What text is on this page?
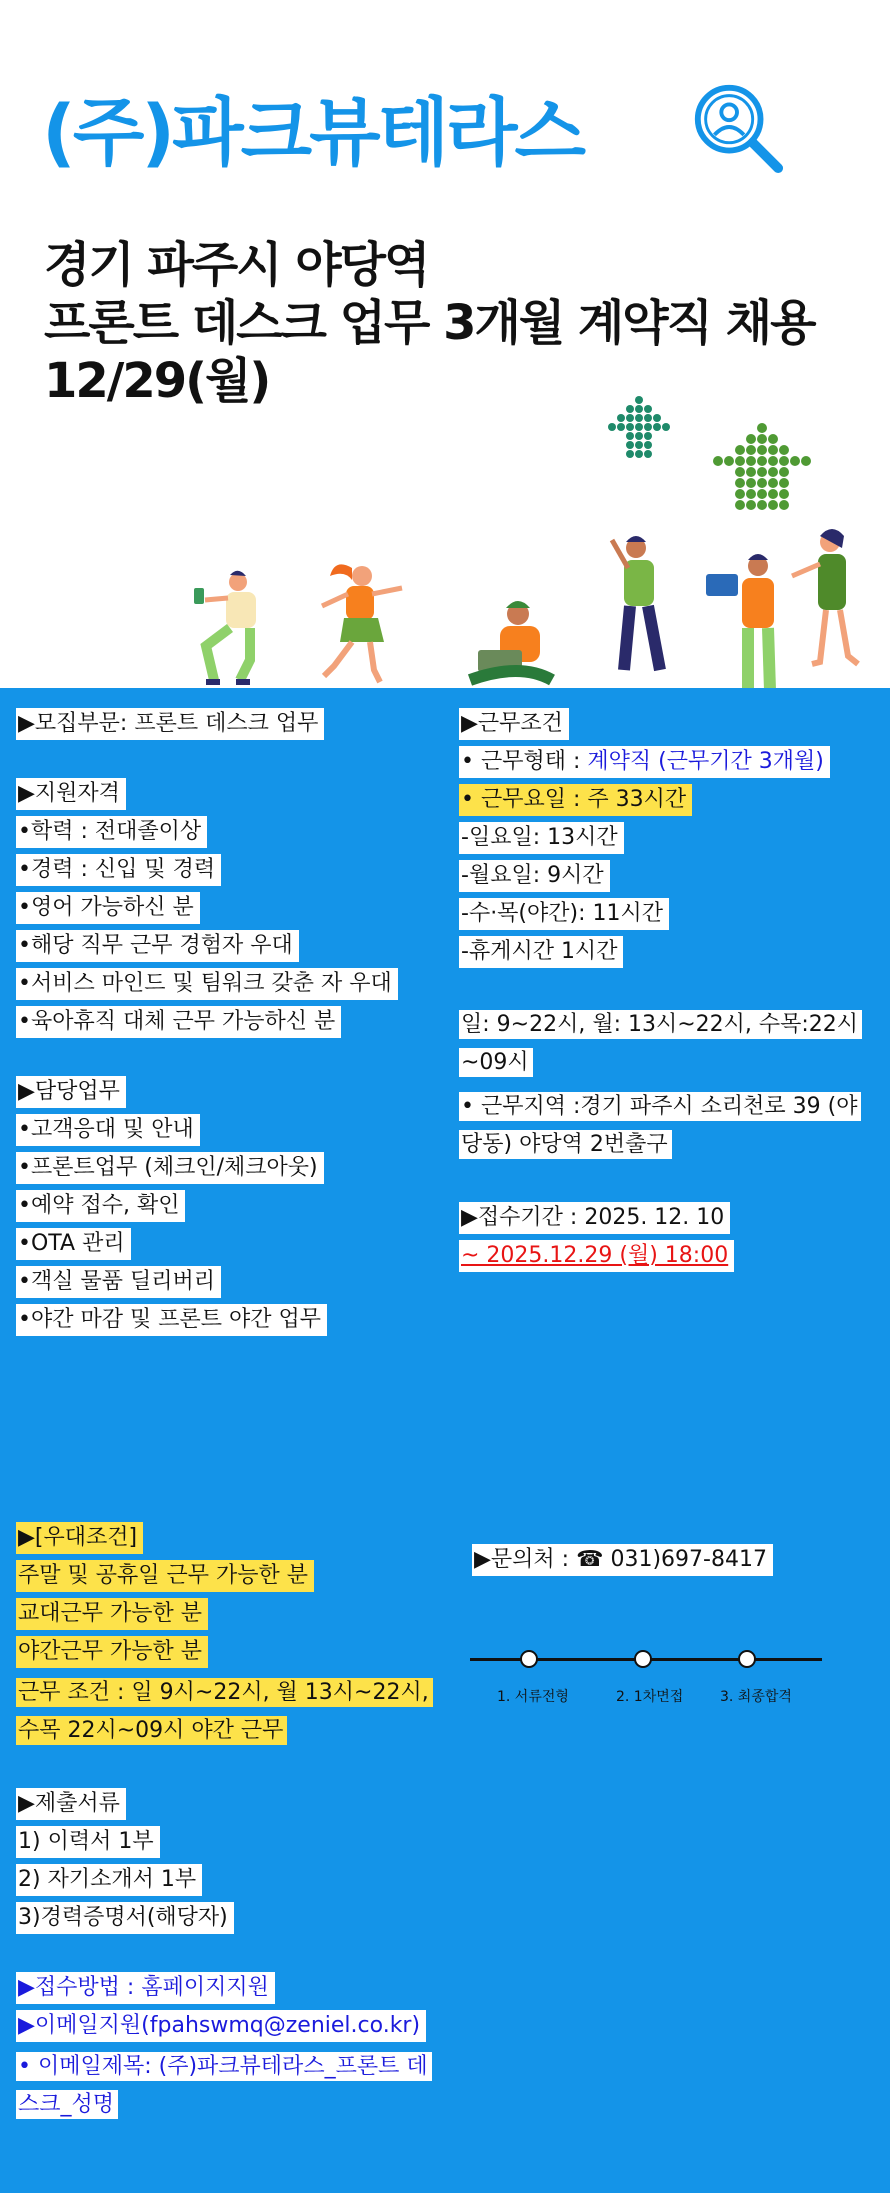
(주)파크뷰테라스
경기 파주시 야당역
프론트 데스크 업무 3개월 계약직 채용
12/29(월)
▶모집부문: 프론트 데스크 업무
▶지원자격
•학력 : 전대졸이상
•경력 : 신입 및 경력
•영어 가능하신 분
•해당 직무 근무 경험자 우대
•서비스 마인드 및 팀워크 갖춘 자 우대
•육아휴직 대체 근무 가능하신 분
▶담당업무
•고객응대 및 안내
•프론트업무 (체크인/체크아웃)
•예약 접수, 확인
•OTA 관리
•객실 물품 딜리버리
•야간 마감 및 프론트 야간 업무
▶근무조건
• 근무형태 : 계약직 (근무기간 3개월)
• 근무요일 : 주 33시간
-일요일: 13시간
-월요일: 9시간
-수·목(야간): 11시간
-휴게시간 1시간
일: 9~22시, 월: 13시~22시, 수목:22시 ~09시
• 근무지역 :경기 파주시 소리천로 39 (야당동) 야당역 2번출구
▶접수기간 : 2025. 12. 10
~ 2025.12.29 (월) 18:00
▶[우대조건]
주말 및 공휴일 근무 가능한 분
교대근무 가능한 분
야간근무 가능한 분
근무 조건 : 일 9시~22시, 월 13시~22시, 수목 22시~09시 야간 근무
▶제출서류
1) 이력서 1부
2) 자기소개서 1부
3)경력증명서(해당자)
▶접수방법 : 홈페이지지원
▶이메일지원(fpahswmq@zeniel.co.kr)
• 이메일제목: (주)파크뷰테라스_프론트 데스크_성명
▶문의처 : ☎ 031)697-8417
1. 서류전형	2. 1차면접	3. 최종합격
